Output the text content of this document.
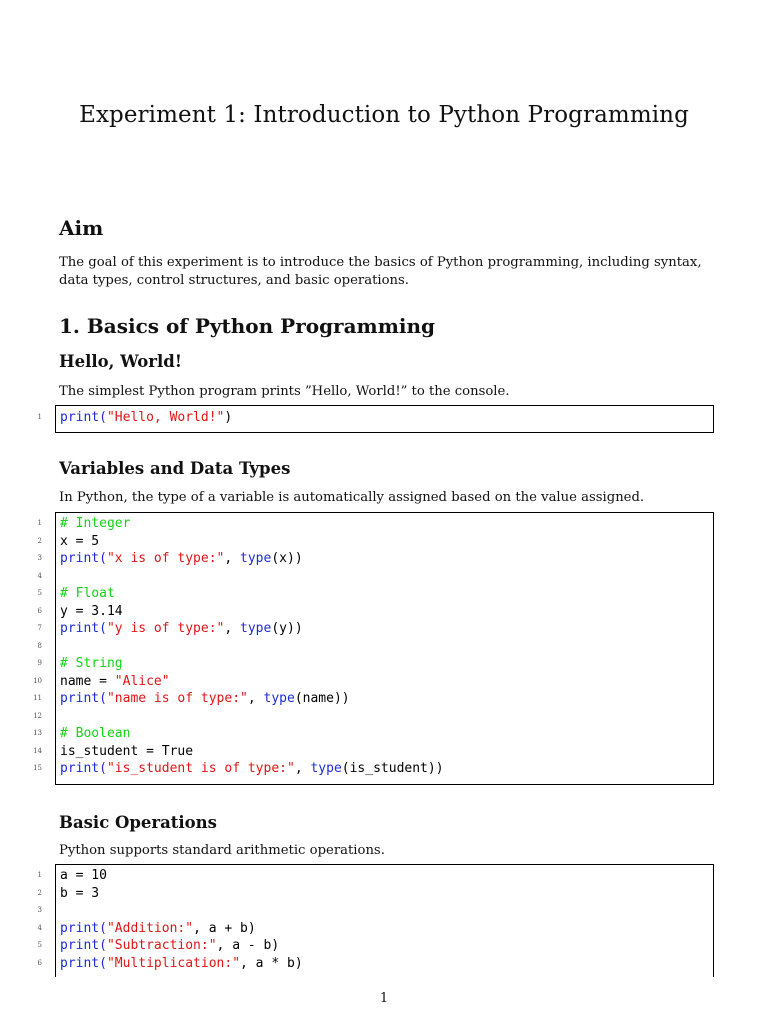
Experiment 1: Introduction to Python Programming
Aim

The goal of this experiment is to introduce the basics of Python programming, including syntax, data types, control structures, and basic operations.

1. Basics of Python Programming
Hello, World!

The simplest Python program prints ”Hello, World!” to the console.

print("Hello, World!")
Variables and Data Types

In Python, the type of a variable is automatically assigned based on the value assigned.

# Integer
x = 5
print("x is of type:", type(x))
# Float
y = 3.14
print("y is of type:", type(y))
# String
name = "Alice"
print("name is of type:", type(name))
# Boolean
is_student = True
print("is_student is of type:", type(is_student))
Basic Operations

Python supports standard arithmetic operations.

a = 10
b = 3
print("Addition:", a + b)
print("Subtraction:", a - b)
print("Multiplication:", a * b)
1
1
1
2
3
4
5
6
7
8
9
10
11
12
13
14
15
1
2
3
4
5
6
